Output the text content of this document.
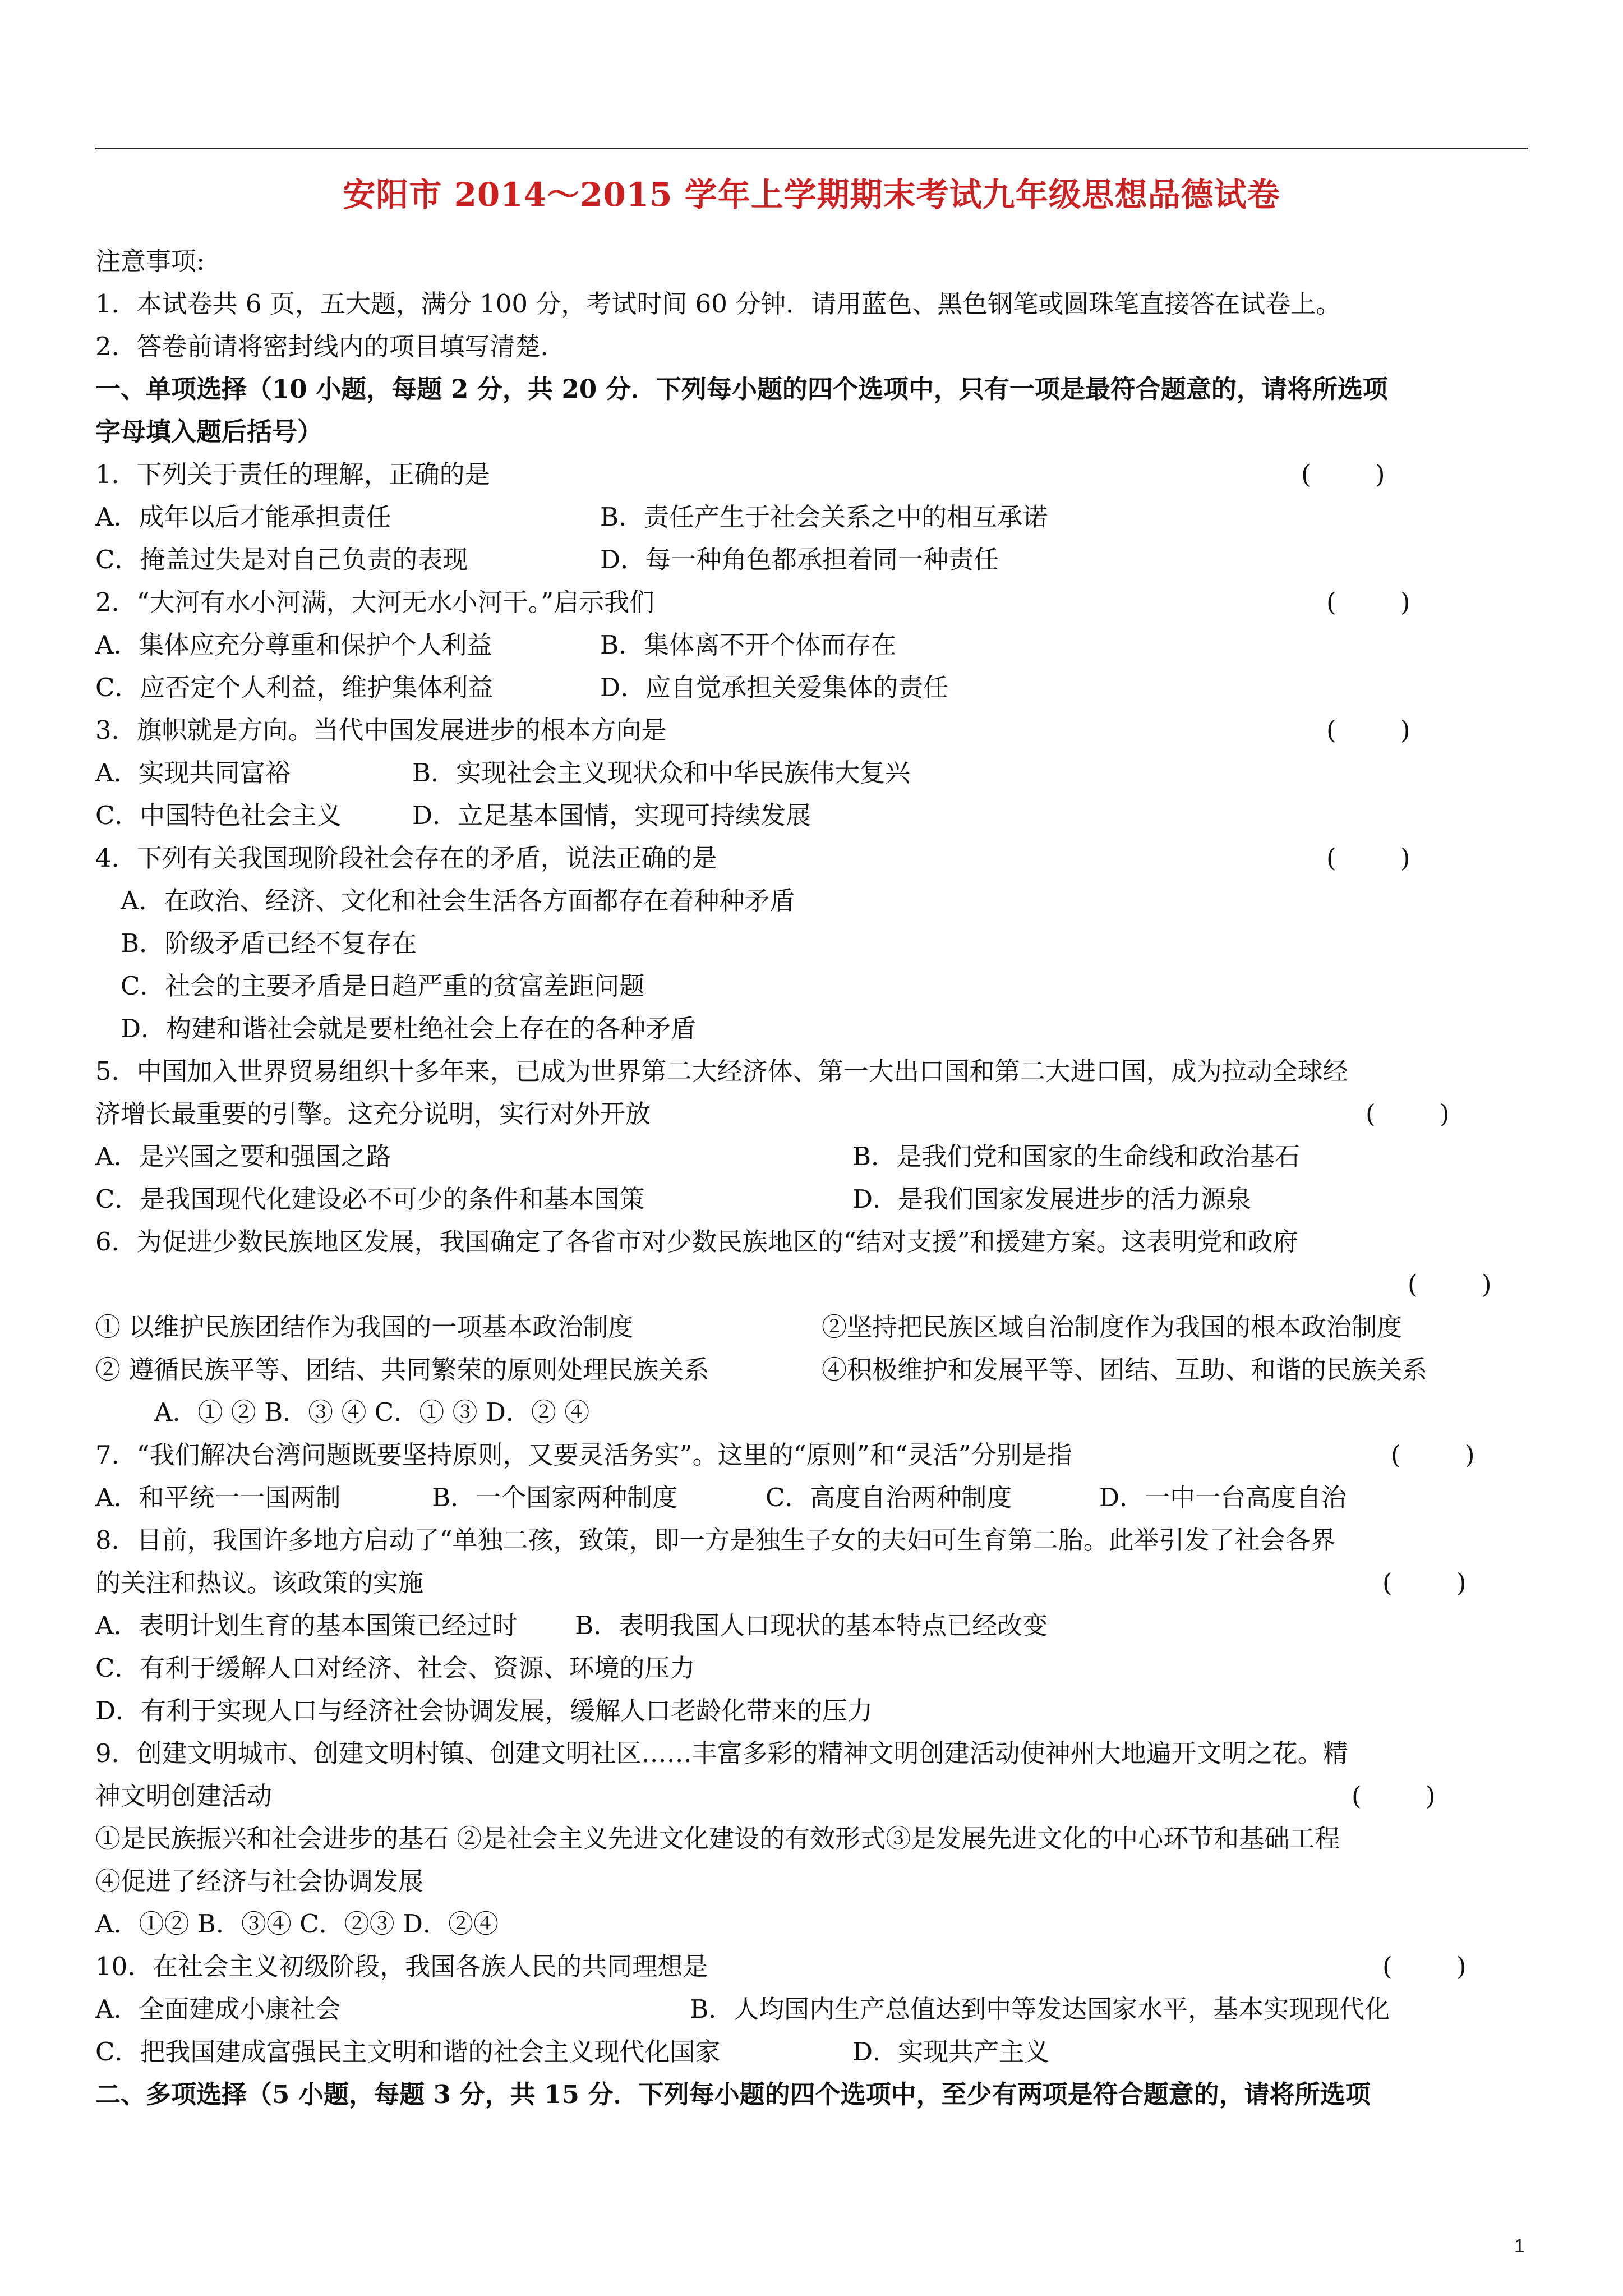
安阳市 2014～2015 学年上学期期末考试九年级思想品德试卷
注意事项:
1．本试卷共 6 页，五大题，满分 100 分，考试时间 60 分钟．请用蓝色、黑色钢笔或圆珠笔直接答在试卷上。
2．答卷前请将密封线内的项目填写清楚．
一、单项选择（10 小题，每题 2 分，共 20 分．下列每小题的四个选项中，只有一项是最符合题意的，请将所选项
字母填入题后括号）
1．下列关于责任的理解，正确的是	(        )
A．成年以后才能承担责任	B．责任产生于社会关系之中的相互承诺
C．掩盖过失是对自己负责的表现	D．每一种角色都承担着同一种责任
2．“大河有水小河满，大河无水小河干。”启示我们	(        )
A．集体应充分尊重和保护个人利益	B．集体离不开个体而存在
C．应否定个人利益，维护集体利益	D．应自觉承担关爱集体的责任
3．旗帜就是方向。当代中国发展进步的根本方向是	(        )
A．实现共同富裕	B．实现社会主义现状众和中华民族伟大复兴
C．中国特色社会主义	D．立足基本国情，实现可持续发展
4．下列有关我国现阶段社会存在的矛盾，说法正确的是	(        )
A．在政治、经济、文化和社会生活各方面都存在着种种矛盾
B．阶级矛盾已经不复存在
C．社会的主要矛盾是日趋严重的贫富差距问题
D．构建和谐社会就是要杜绝社会上存在的各种矛盾
5．中国加入世界贸易组织十多年来，已成为世界第二大经济体、第一大出口国和第二大进口国，成为拉动全球经
济增长最重要的引擎。这充分说明，实行对外开放	(        )
A．是兴国之要和强国之路	B．是我们党和国家的生命线和政治基石
C．是我国现代化建设必不可少的条件和基本国策	D．是我们国家发展进步的活力源泉
6．为促进少数民族地区发展，我国确定了各省市对少数民族地区的“结对支援”和援建方案。这表明党和政府
(        )
① 以维护民族团结作为我国的一项基本政治制度	②坚持把民族区域自治制度作为我国的根本政治制度
② 遵循民族平等、团结、共同繁荣的原则处理民族关系	④积极维护和发展平等、团结、互助、和谐的民族关系
A．① ② B．③ ④ C．① ③ D．② ④
7．“我们解决台湾问题既要坚持原则，又要灵活务实”。这里的“原则”和“灵活”分别是指	(        )
A．和平统一一国两制	B．一个国家两种制度	C．高度自治两种制度	D．一中一台高度自治
8．目前，我国许多地方启动了“单独二孩，致策，即一方是独生子女的夫妇可生育第二胎。此举引发了社会各界
的关注和热议。该政策的实施	(        )
A．表明计划生育的基本国策已经过时 B．表明我国人口现状的基本特点已经改变
C．有利于缓解人口对经济、社会、资源、环境的压力
D．有利于实现人口与经济社会协调发展，缓解人口老龄化带来的压力
9．创建文明城市、创建文明村镇、创建文明社区……丰富多彩的精神文明创建活动使神州大地遍开文明之花。精
神文明创建活动	(        )
①是民族振兴和社会进步的基石 ②是社会主义先进文化建设的有效形式③是发展先进文化的中心环节和基础工程
④促进了经济与社会协调发展
A．①② B．③④ C．②③ D．②④
10．在社会主义初级阶段，我国各族人民的共同理想是	(        )
A．全面建成小康社会	B．人均国内生产总值达到中等发达国家水平，基本实现现代化
C．把我国建成富强民主文明和谐的社会主义现代化国家	D．实现共产主义
二、多项选择（5 小题，每题 3 分，共 15 分．下列每小题的四个选项中，至少有两项是符合题意的，请将所选项
1
